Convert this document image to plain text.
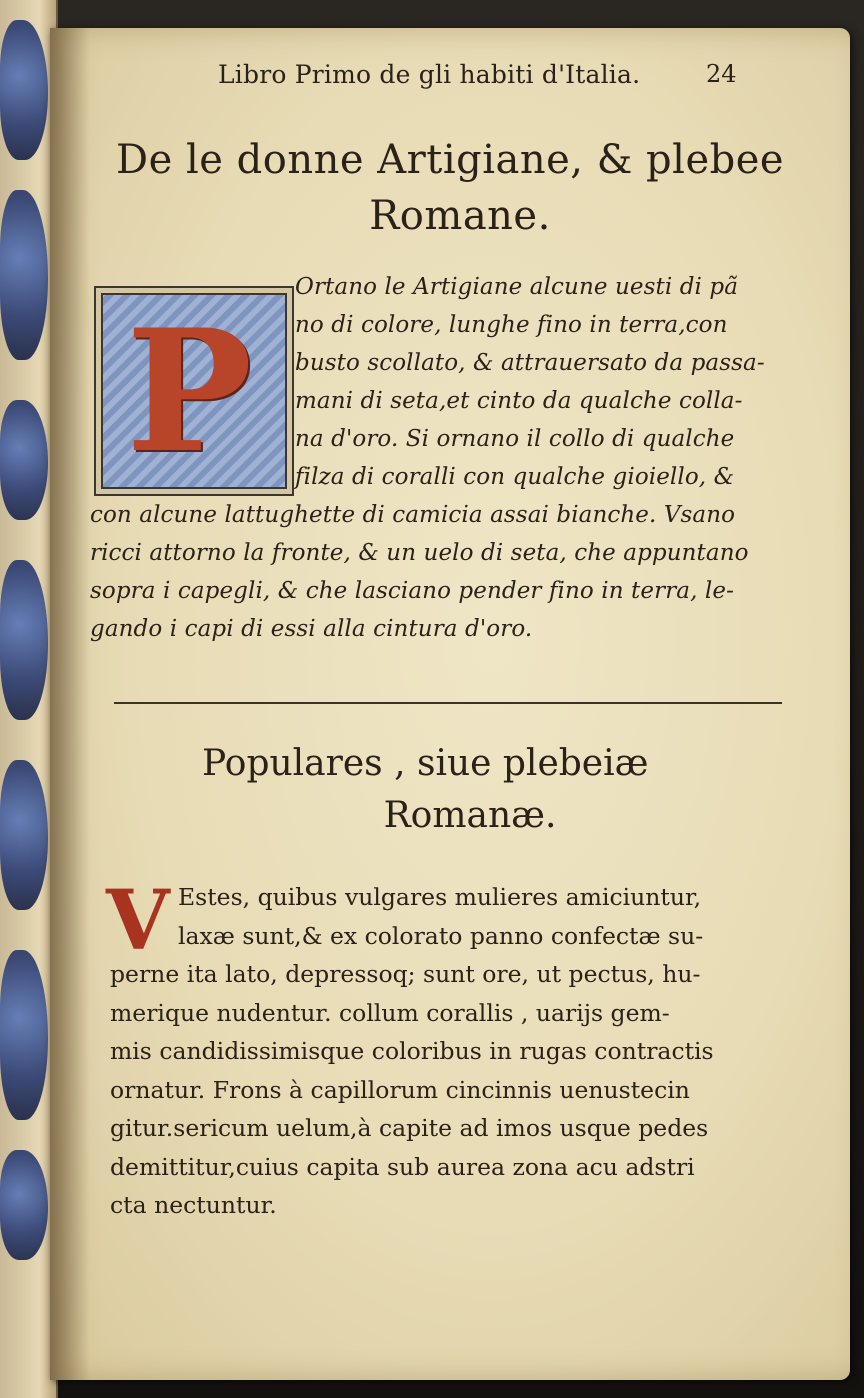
Libro Primo de gli habiti d'Italia.	24
De le donne Artigiane, & plebee
Romane.
P
Ortano le Artigiane alcune uesti di pã
no di colore, lunghe fino in terra,con
busto scollato, & attrauersato da passa-
mani di seta,et cinto da qualche colla-
na d'oro. Si ornano il collo di qualche
filza di coralli con qualche gioiello, &
con alcune lattughette di camicia assai bianche. Vsano
ricci attorno la fronte, & un uelo di seta, che appuntano
sopra i capegli, & che lasciano pender fino in terra, le-
gando i capi di essi alla cintura d'oro.
Populares , siue plebeiæ
Romanæ.
V Estes, quibus vulgares mulieres amiciuntur,
laxæ sunt,& ex colorato panno confectæ su-
perne ita lato, depressoq; sunt ore, ut pectus, hu-
merique nudentur. collum corallis , uarijs gem-
mis candidissimisque coloribus in rugas contractis
ornatur. Frons à capillorum cincinnis uenustecin
gitur.sericum uelum,à capite ad imos usque pedes
demittitur,cuius capita sub aurea zona acu adstri
cta nectuntur.
